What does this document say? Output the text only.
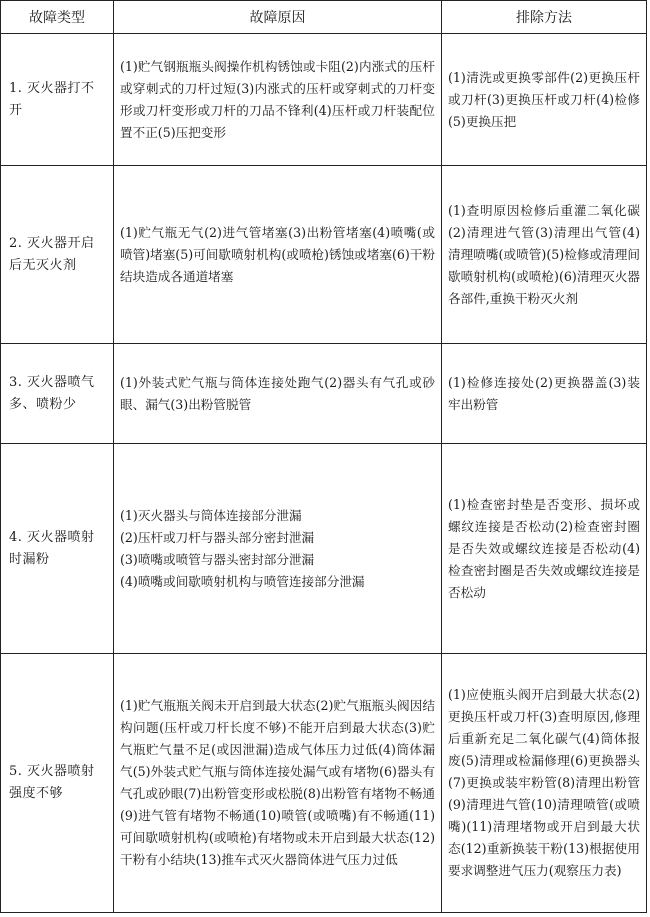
故障类型	故障原因	排除方法

1. 灭火器打不
开	(1)贮气钢瓶瓶头阀操作机构锈蚀或卡阻(2)内涨式的压杆或穿刺式的刀杆过短(3)内涨式的压杆或穿刺式的刀杆变形或刀杆变形或刀杆的刀品不锋利(4)压杆或刀杆装配位置不正(5)压把变形	(1)清洗或更换零部件(2)更换压杆或刀杆(3)更换压杆或刀杆(4)检修(5)更换压把

2. 灭火器开启
后无灭火剂	(1)贮气瓶无气(2)进气管堵塞(3)出粉管堵塞(4)喷嘴(或喷管)堵塞(5)可间歇喷射机构(或喷枪)锈蚀或堵塞(6)干粉结块造成各通道堵塞	(1)查明原因检修后重灌二氧化碳(2)清理进气管(3)清理出气管(4)清理喷嘴(或喷管)(5)检修或清理间歇喷射机构(或喷枪)(6)清理灭火器各部件,重换干粉灭火剂

3. 灭火器喷气
多、喷粉少	(1)外装式贮气瓶与筒体连接处跑气(2)器头有气孔或砂眼、漏气(3)出粉管脱管	(1)检修连接处(2)更换器盖(3)装牢出粉管

4. 灭火器喷射
时漏粉	(1)灭火器头与筒体连接部分泄漏
(2)压杆或刀杆与器头部分密封泄漏
(3)喷嘴或喷管与器头密封部分泄漏
(4)喷嘴或间歇喷射机构与喷管连接部分泄漏	(1)检查密封垫是否变形、损坏或螺纹连接是否松动(2)检查密封圈是否失效或螺纹连接是否松动(4)检查密封圈是否失效或螺纹连接是否松动

5. 灭火器喷射
强度不够	(1)贮气瓶瓶关阀未开启到最大状态(2)贮气瓶瓶头阀因结构问题(压杆或刀杆长度不够)不能开启到最大状态(3)贮气瓶贮气量不足(或因泄漏)造成气体压力过低(4)筒体漏气(5)外装式贮气瓶与筒体连接处漏气或有堵物(6)器头有气孔或砂眼(7)出粉管变形或松脱(8)出粉管有堵物不畅通(9)进气管有堵物不畅通(10)喷管(或喷嘴)有不畅通(11)可间歇喷射机构(或喷枪)有堵物或未开启到最大状态(12)干粉有小结块(13)推车式灭火器筒体进气压力过低	(1)应使瓶头阀开启到最大状态(2)更换压杆或刀杆(3)查明原因,修理后重新充足二氧化碳气(4)筒体报废(5)清理或检漏修理(6)更换器头(7)更换或装牢粉管(8)清理出粉管(9)清理进气管(10)清理喷管(或喷嘴)(11)清理堵物或开启到最大状态(12)重新换装干粉(13)根据使用要求调整进气压力(观察压力表)
